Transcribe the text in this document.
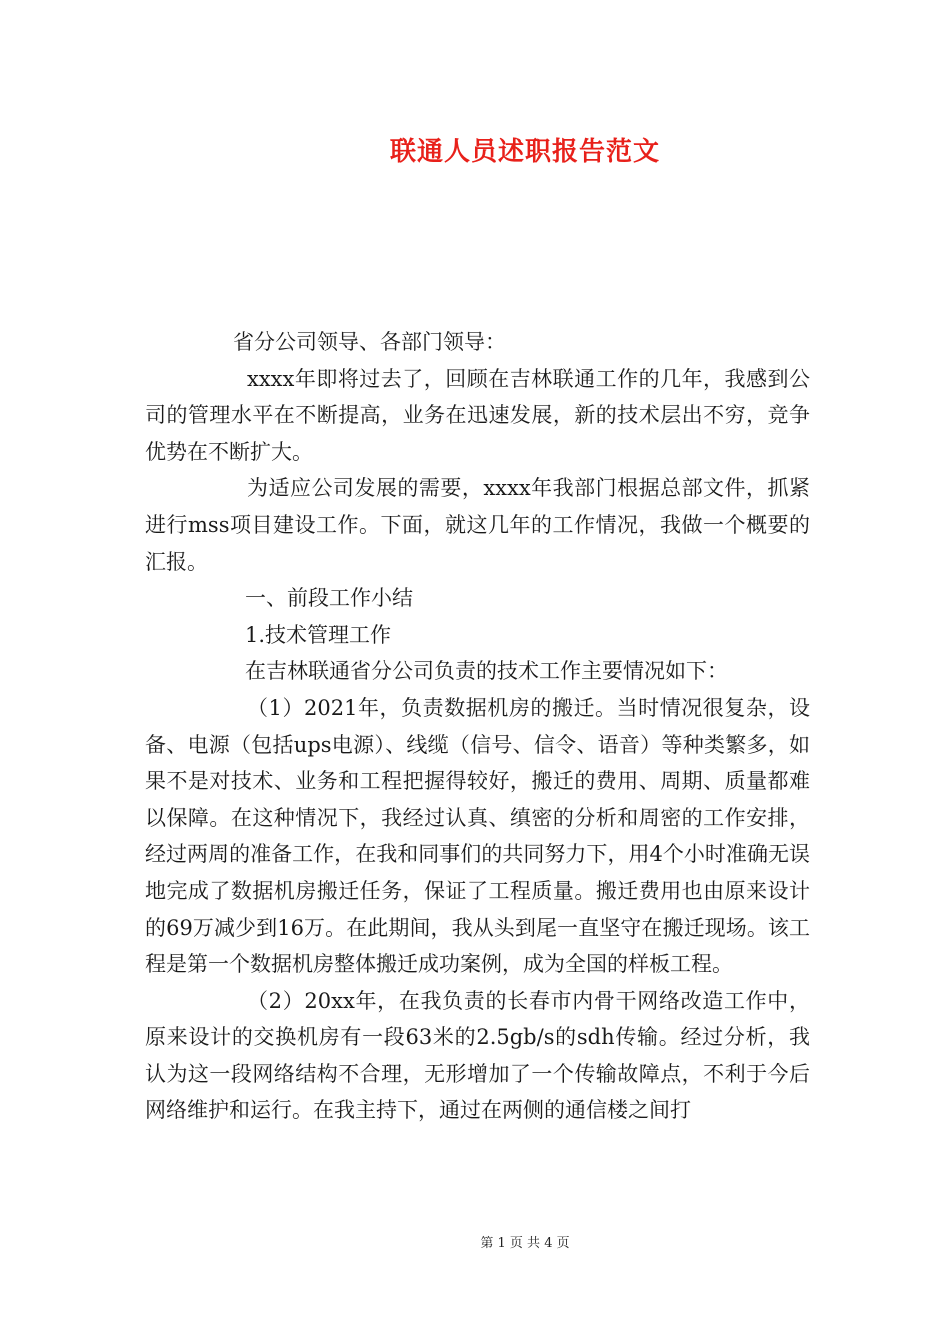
联通人员述职报告范文

省分公司领导、各部门领导：

xxxx年即将过去了，回顾在吉林联通工作的几年，我感到公司的管理水平在不断提高，业务在迅速发展，新的技术层出不穷，竞争优势在不断扩大。

为适应公司发展的需要，xxxx年我部门根据总部文件，抓紧进行mss项目建设工作。下面，就这几年的工作情况，我做一个概要的汇报。

一、前段工作小结

1.技术管理工作

在吉林联通省分公司负责的技术工作主要情况如下：

（1）2021年，负责数据机房的搬迁。当时情况很复杂，设备、电源（包括ups电源）、线缆（信号、信令、语音）等种类繁多，如果不是对技术、业务和工程把握得较好，搬迁的费用、周期、质量都难以保障。在这种情况下，我经过认真、缜密的分析和周密的工作安排，经过两周的准备工作，在我和同事们的共同努力下，用4个小时准确无误地完成了数据机房搬迁任务，保证了工程质量。搬迁费用也由原来设计的69万减少到16万。在此期间，我从头到尾一直坚守在搬迁现场。该工程是第一个数据机房整体搬迁成功案例，成为全国的样板工程。

（2）20xx年，在我负责的长春市内骨干网络改造工作中，原来设计的交换机房有一段63米的2.5gb/s的sdh传输。经过分析，我认为这一段网络结构不合理，无形增加了一个传输故障点，不利于今后网络维护和运行。在我主持下，通过在两侧的通信楼之间打

第 1 页 共 4 页
